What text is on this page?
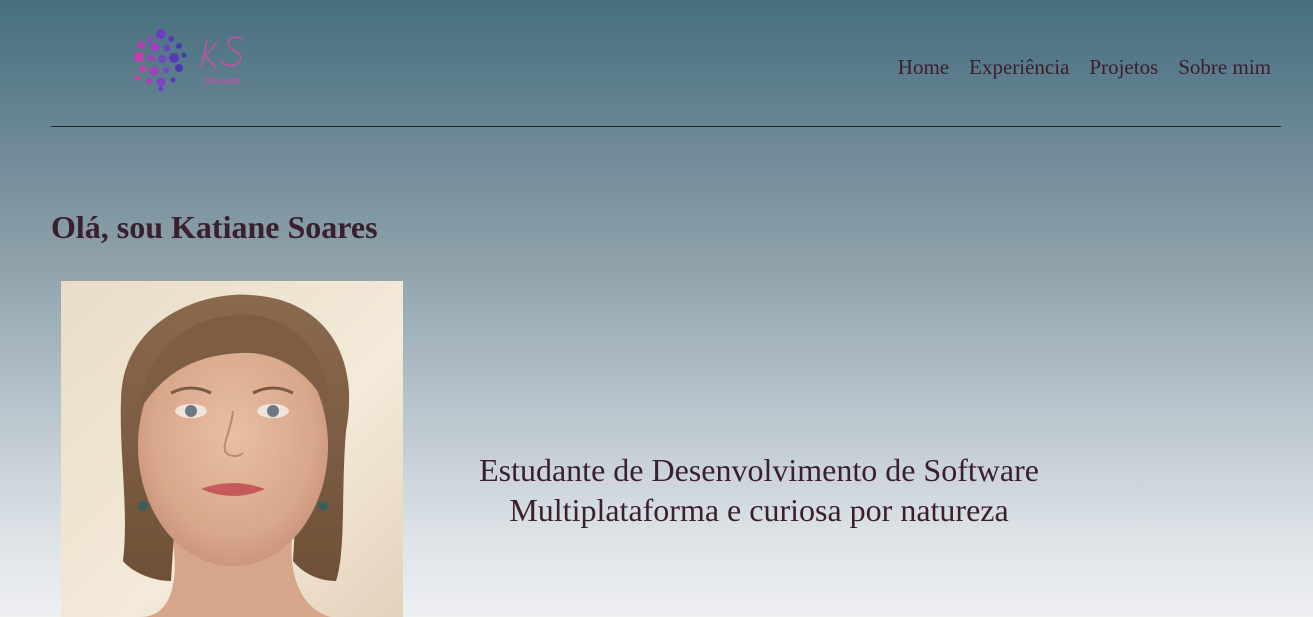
Devweb
Home Experiência Projetos Sobre mim
Olá, sou Katiane Soares
Estudante de Desenvolvimento de Software
Multiplataforma e curiosa por natureza
